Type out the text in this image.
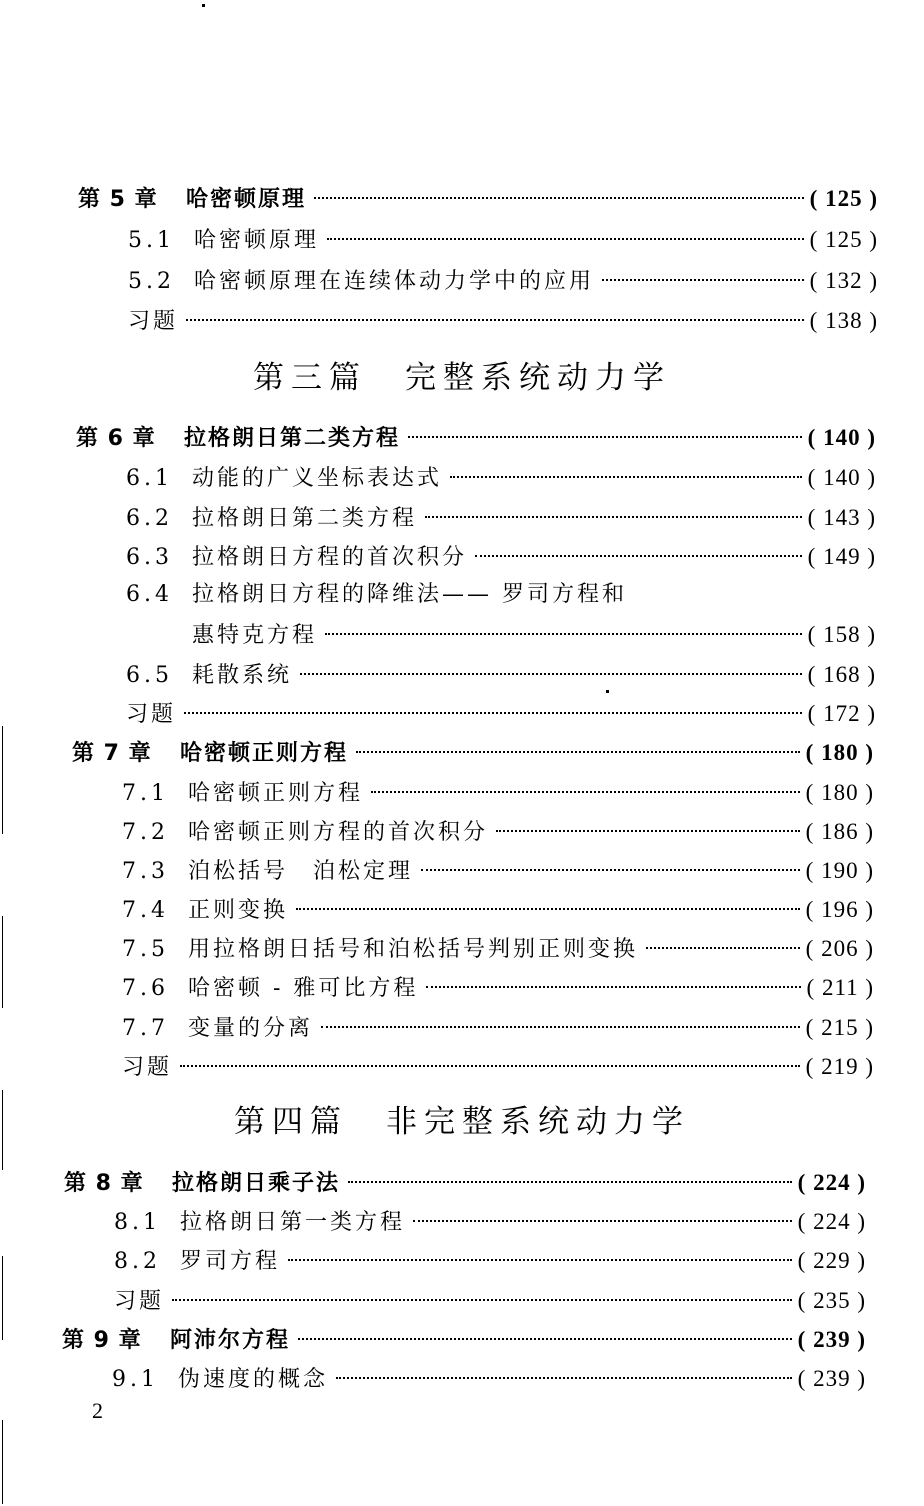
第 5 章	哈密顿原理	( 125 )
5.1 哈密顿原理	( 125 )
5.2 哈密顿原理在连续体动力学中的应用	( 132 )
习题	( 138 )
第三篇　完整系统动力学
第 6 章	拉格朗日第二类方程	( 140 )
6.1 动能的广义坐标表达式	( 140 )
6.2 拉格朗日第二类方程	( 143 )
6.3 拉格朗日方程的首次积分	( 149 )
6.4 拉格朗日方程的降维法—— 罗司方程和
惠特克方程	( 158 )
6.5 耗散系统	( 168 )
习题	( 172 )
第 7 章	哈密顿正则方程	( 180 )
7.1 哈密顿正则方程	( 180 )
7.2 哈密顿正则方程的首次积分	( 186 )
7.3 泊松括号　泊松定理	( 190 )
7.4 正则变换	( 196 )
7.5 用拉格朗日括号和泊松括号判别正则变换	( 206 )
7.6 哈密顿 - 雅可比方程	( 211 )
7.7 变量的分离	( 215 )
习题	( 219 )
第四篇　非完整系统动力学
第 8 章	拉格朗日乘子法	( 224 )
8.1 拉格朗日第一类方程	( 224 )
8.2 罗司方程	( 229 )
习题	( 235 )
第 9 章	阿沛尔方程	( 239 )
9.1 伪速度的概念	( 239 )
2
